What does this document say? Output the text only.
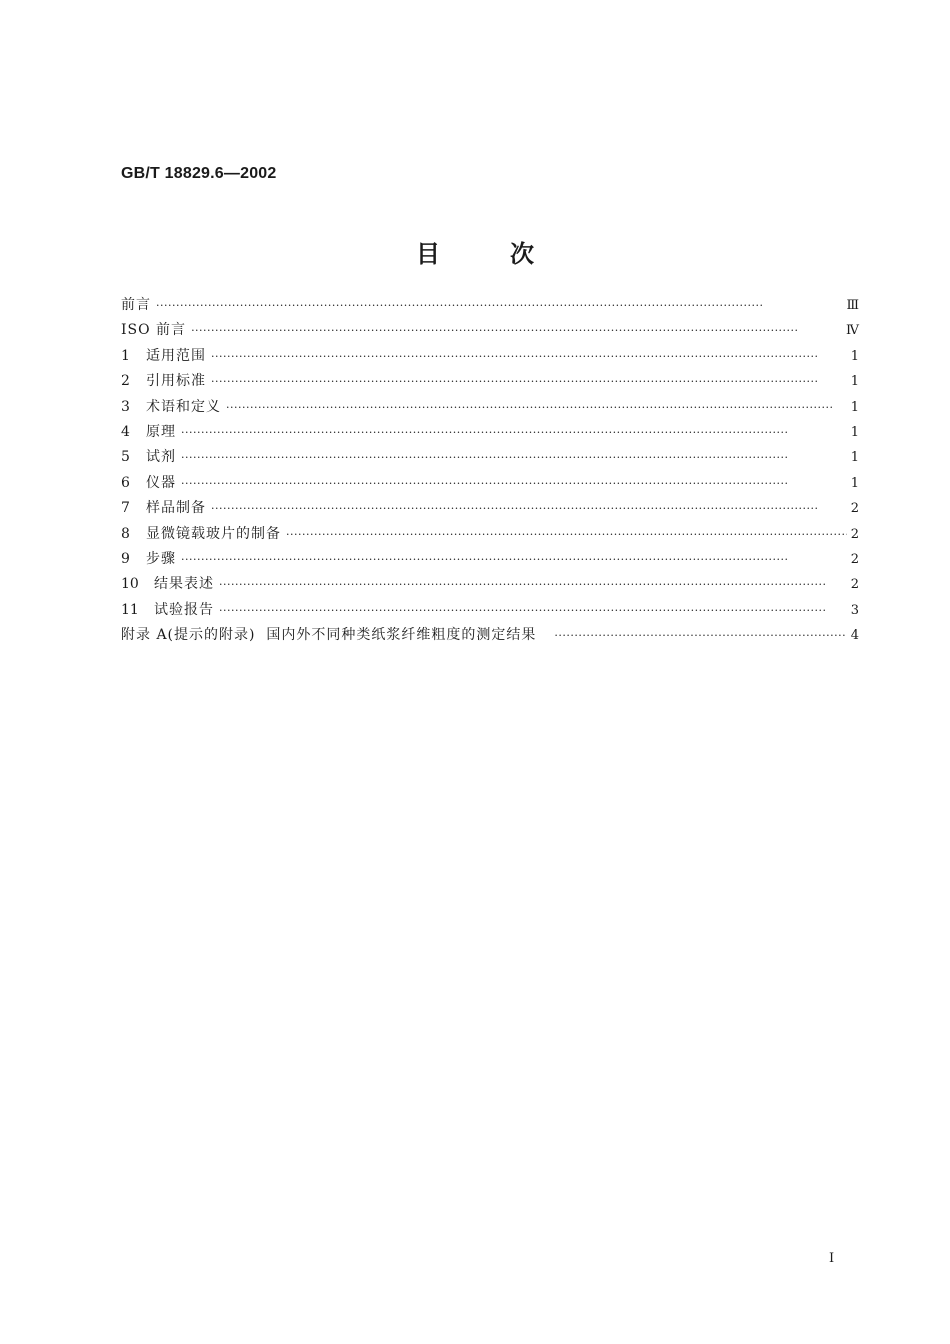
GB/T 18829.6—2002
目	次
前言 ·····	Ⅲ
ISO 前言 ·····	Ⅳ
1	适用范围 ·····	1
2	引用标准 ·····	1
3	术语和定义 ·····	1
4	原理 ·····	1
5	试剂 ·····	1
6	仪器 ·····	1
7	样品制备 ·····	2
8	显微镜载玻片的制备 ·····	2
9	步骤 ·····	2
10	结果表述 ·····	2
11	试验报告 ·····	3
附录 A(提示的附录)  国内外不同种类纸浆纤维粗度的测定结果 ·····	4
I
